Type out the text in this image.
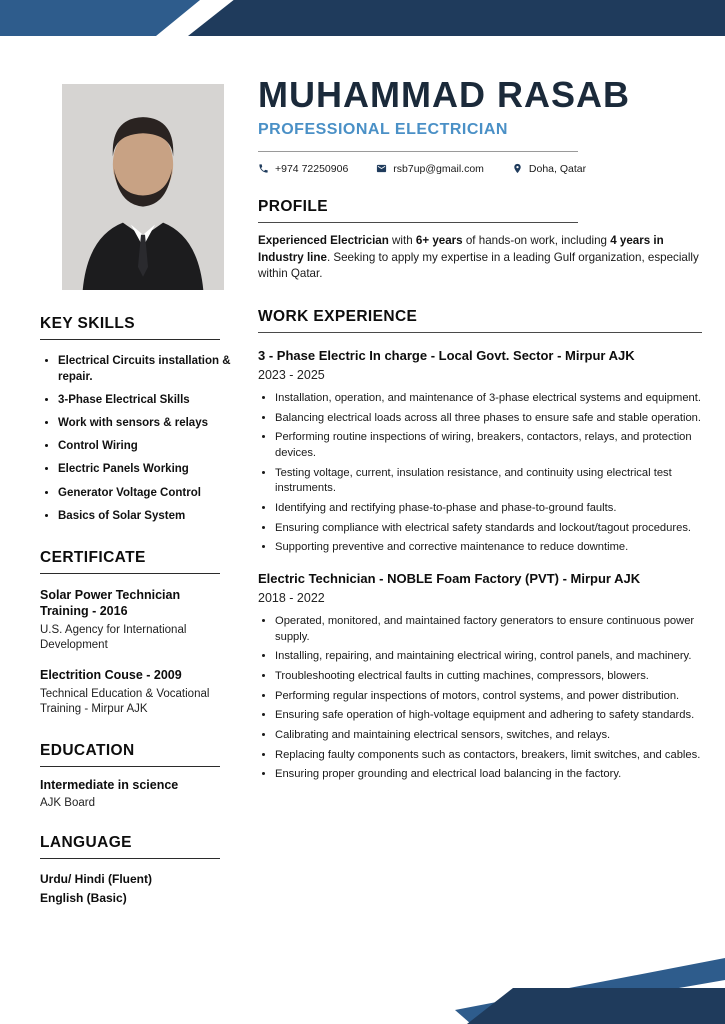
KEY SKILLS
• Electrical Circuits installation & repair.
• 3-Phase Electrical Skills
• Work with sensors & relays
• Control Wiring
• Electric Panels Working
• Generator Voltage Control
• Basics of Solar System
CERTIFICATE
Solar Power Technician Training - 2016
U.S. Agency for International Development
Electrition Couse - 2009
Technical Education & Vocational Training - Mirpur AJK
EDUCATION
Intermediate in science
AJK Board
LANGUAGE
Urdu/ Hindi (Fluent)
English (Basic)
MUHAMMAD RASAB
PROFESSIONAL ELECTRICIAN
+974 72250906	rsb7up@gmail.com	Doha, Qatar
PROFILE

Experienced Electrician with 6+ years of hands-on work, including 4 years in Industry line. Seeking to apply my expertise in a leading Gulf organization, especially within Qatar.

WORK EXPERIENCE
3 - Phase Electric In charge - Local Govt. Sector - Mirpur AJK
2023 - 2025
• Installation, operation, and maintenance of 3-phase electrical systems and equipment.
• Balancing electrical loads across all three phases to ensure safe and stable operation.
• Performing routine inspections of wiring, breakers, contactors, relays, and protection devices.
• Testing voltage, current, insulation resistance, and continuity using electrical test instruments.
• Identifying and rectifying phase-to-phase and phase-to-ground faults.
• Ensuring compliance with electrical safety standards and lockout/tagout procedures.
• Supporting preventive and corrective maintenance to reduce downtime.
Electric Technician - NOBLE Foam Factory (PVT) - Mirpur AJK
2018 - 2022
• Operated, monitored, and maintained factory generators to ensure continuous power supply.
• Installing, repairing, and maintaining electrical wiring, control panels, and machinery.
• Troubleshooting electrical faults in cutting machines, compressors, blowers.
• Performing regular inspections of motors, control systems, and power distribution.
• Ensuring safe operation of high-voltage equipment and adhering to safety standards.
• Calibrating and maintaining electrical sensors, switches, and relays.
• Replacing faulty components such as contactors, breakers, limit switches, and cables.
• Ensuring proper grounding and electrical load balancing in the factory.
